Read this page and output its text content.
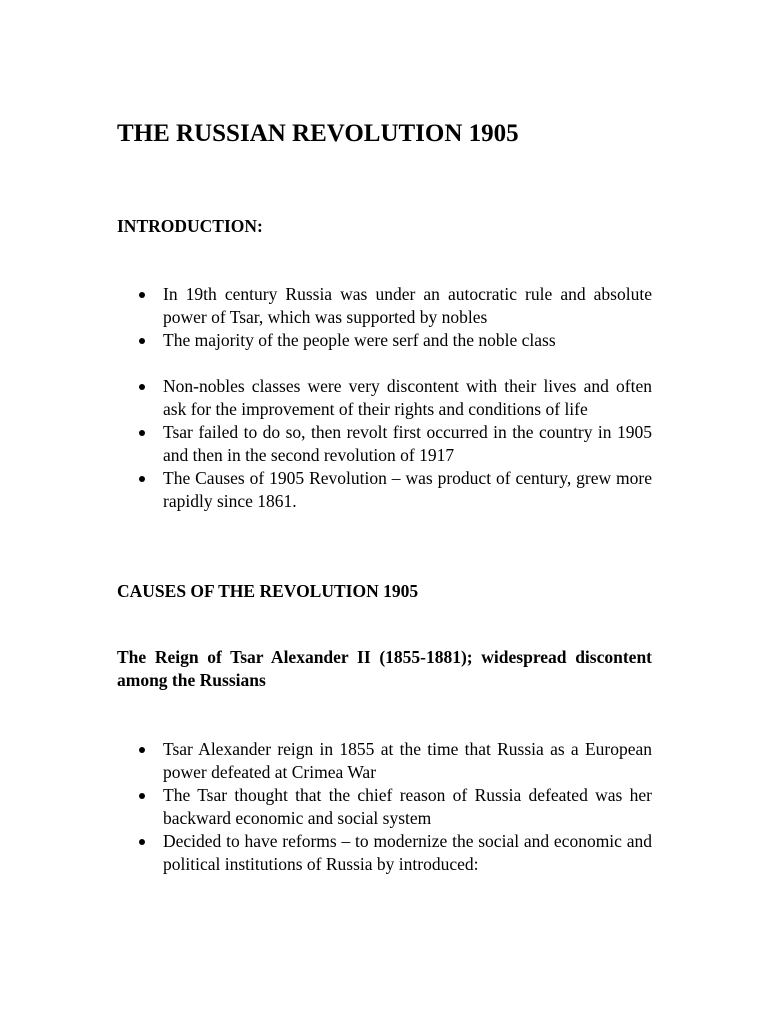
THE RUSSIAN REVOLUTION 1905
INTRODUCTION:
In 19th century Russia was under an autocratic rule and absolute power of Tsar, which was supported by nobles
The majority of the people were serf and the noble class
Non-nobles classes were very discontent with their lives and often ask for the improvement of their rights and conditions of life
Tsar failed to do so, then revolt first occurred in the country in 1905 and then in the second revolution of 1917
The Causes of 1905 Revolution – was product of century, grew more rapidly since 1861.
CAUSES OF THE REVOLUTION 1905
The Reign of Tsar Alexander II (1855-1881); widespread discontent among the Russians
Tsar Alexander reign in 1855 at the time that Russia as a European power defeated at Crimea War
The Tsar thought that the chief reason of Russia defeated was her backward economic and social system
Decided to have reforms – to modernize the social and economic and political institutions of Russia by introduced:
